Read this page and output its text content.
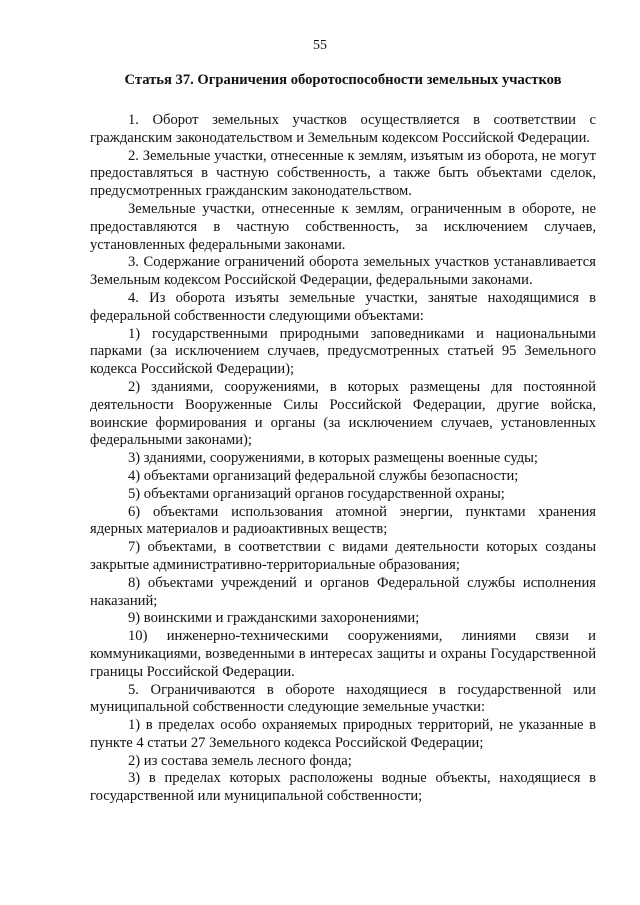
55
Статья 37. Ограничения оборотоспособности земельных участков

1. Оборот земельных участков осуществляется в соответствии с гражданским законодательством и Земельным кодексом Российской Федерации.

2. Земельные участки, отнесенные к землям, изъятым из оборота, не могут предоставляться в частную собственность, а также быть объектами сделок, предусмотренных гражданским законодательством.

Земельные участки, отнесенные к землям, ограниченным в обороте, не предоставляются в частную собственность, за исключением случаев, установленных федеральными законами.

3. Содержание ограничений оборота земельных участков устанавливается Земельным кодексом Российской Федерации, федеральными законами.

4. Из оборота изъяты земельные участки, занятые находящимися в федеральной собственности следующими объектами:

1) государственными природными заповедниками и национальными парками (за исключением случаев, предусмотренных статьей 95 Земельного кодекса Российской Федерации);

2) зданиями, сооружениями, в которых размещены для постоянной деятельности Вооруженные Силы Российской Федерации, другие войска, воинские формирования и органы (за исключением случаев, установленных федеральными законами);

3) зданиями, сооружениями, в которых размещены военные суды;

4) объектами организаций федеральной службы безопасности;

5) объектами организаций органов государственной охраны;

6) объектами использования атомной энергии, пунктами хранения ядерных материалов и радиоактивных веществ;

7) объектами, в соответствии с видами деятельности которых созданы закрытые административно-территориальные образования;

8) объектами учреждений и органов Федеральной службы исполнения наказаний;

9) воинскими и гражданскими захоронениями;

10) инженерно-техническими сооружениями, линиями связи и коммуникациями, возведенными в интересах защиты и охраны Государственной границы Российской Федерации.

5. Ограничиваются в обороте находящиеся в государственной или муниципальной собственности следующие земельные участки:

1) в пределах особо охраняемых природных территорий, не указанные в пункте 4 статьи 27 Земельного кодекса Российской Федерации;

2) из состава земель лесного фонда;

3) в пределах которых расположены водные объекты, находящиеся в государственной или муниципальной собственности;
